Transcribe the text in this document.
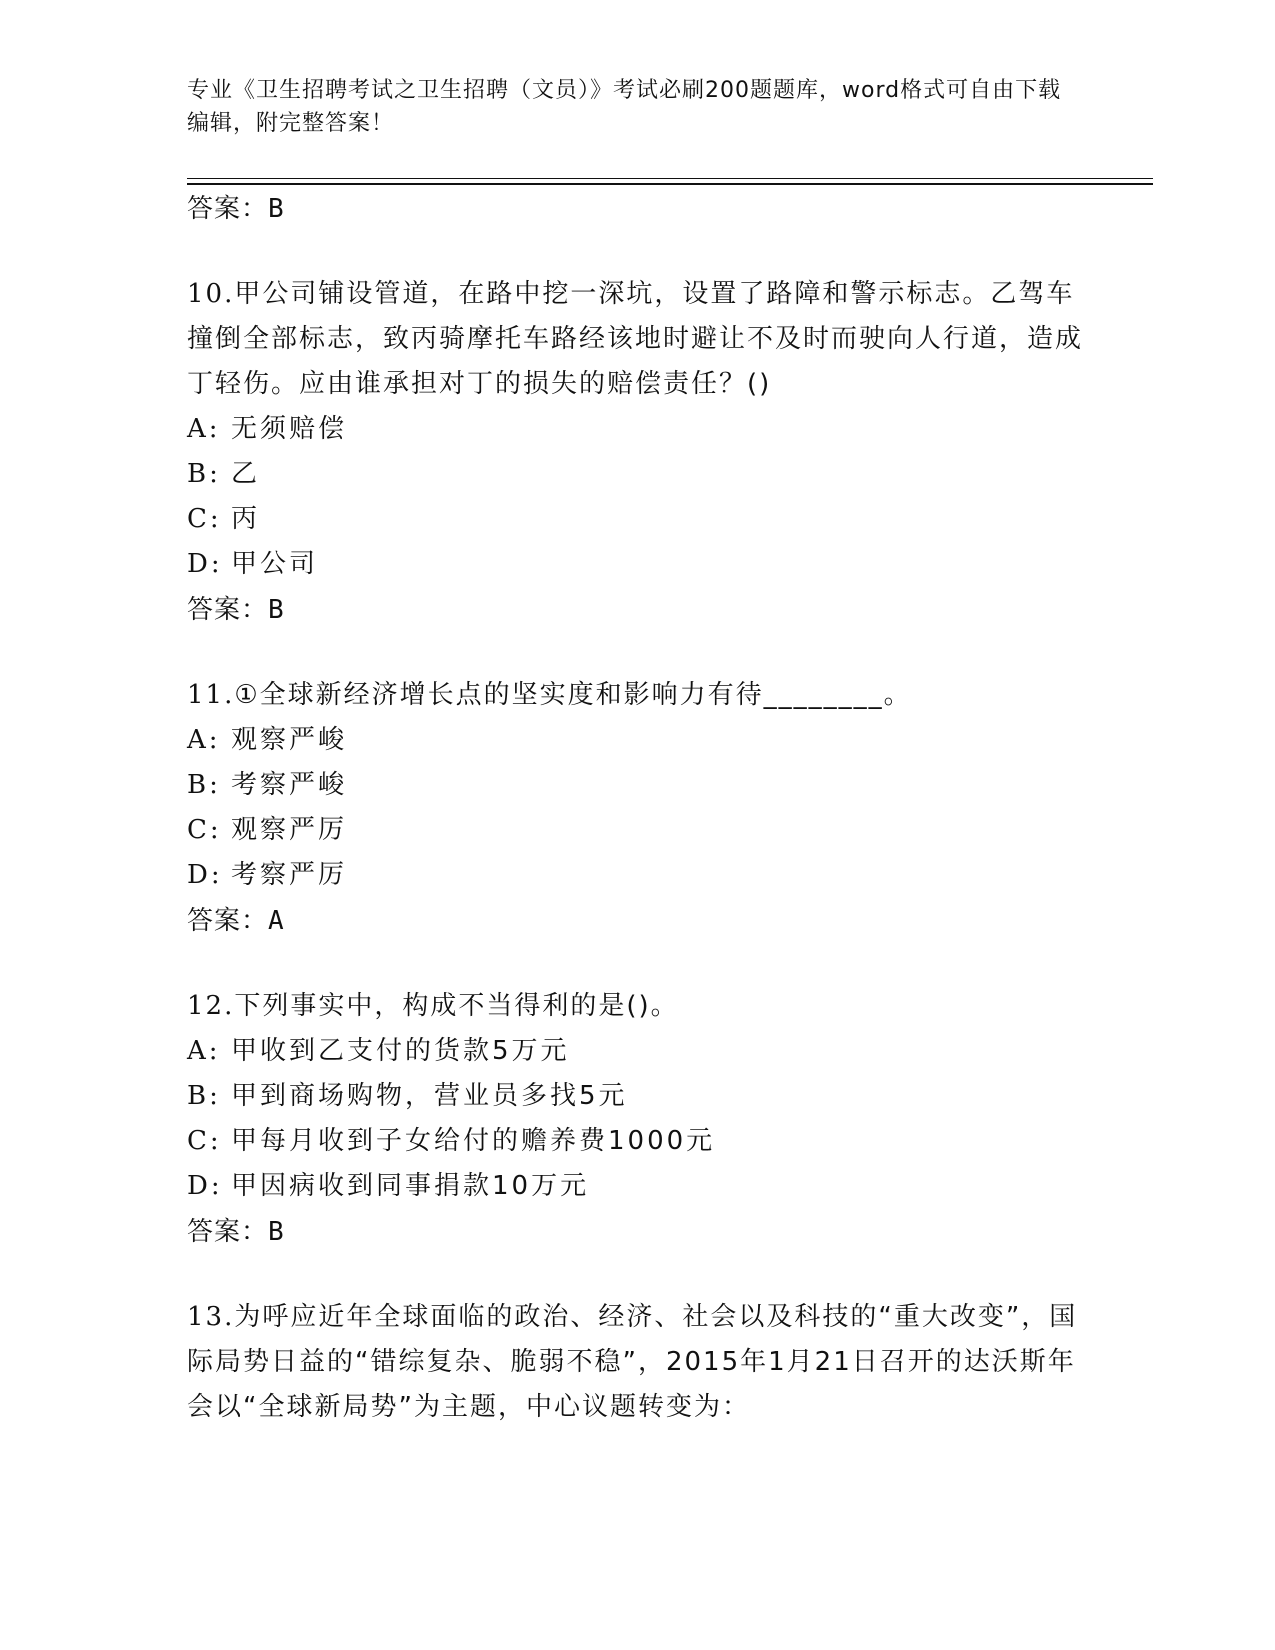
专业《卫生招聘考试之卫生招聘（文员）》考试必刷200题题库，word格式可自由下载编辑，附完整答案！
答案：B
10.甲公司铺设管道，在路中挖一深坑，设置了路障和警示标志。乙驾车撞倒全部标志，致丙骑摩托车路经该地时避让不及时而驶向人行道，造成丁轻伤。应由谁承担对丁的损失的赔偿责任？()
A: 无须赔偿
B: 乙
C: 丙
D: 甲公司
答案：B
11.①全球新经济增长点的坚实度和影响力有待________。
A: 观察严峻
B: 考察严峻
C: 观察严厉
D: 考察严厉
答案：A
12.下列事实中，构成不当得利的是()。
A: 甲收到乙支付的货款5万元
B: 甲到商场购物，营业员多找5元
C: 甲每月收到子女给付的赡养费1000元
D: 甲因病收到同事捐款10万元
答案：B
13.为呼应近年全球面临的政治、经济、社会以及科技的“重大改变”，国际局势日益的“错综复杂、脆弱不稳”，2015年1月21日召开的达沃斯年会以“全球新局势”为主题，中心议题转变为：
